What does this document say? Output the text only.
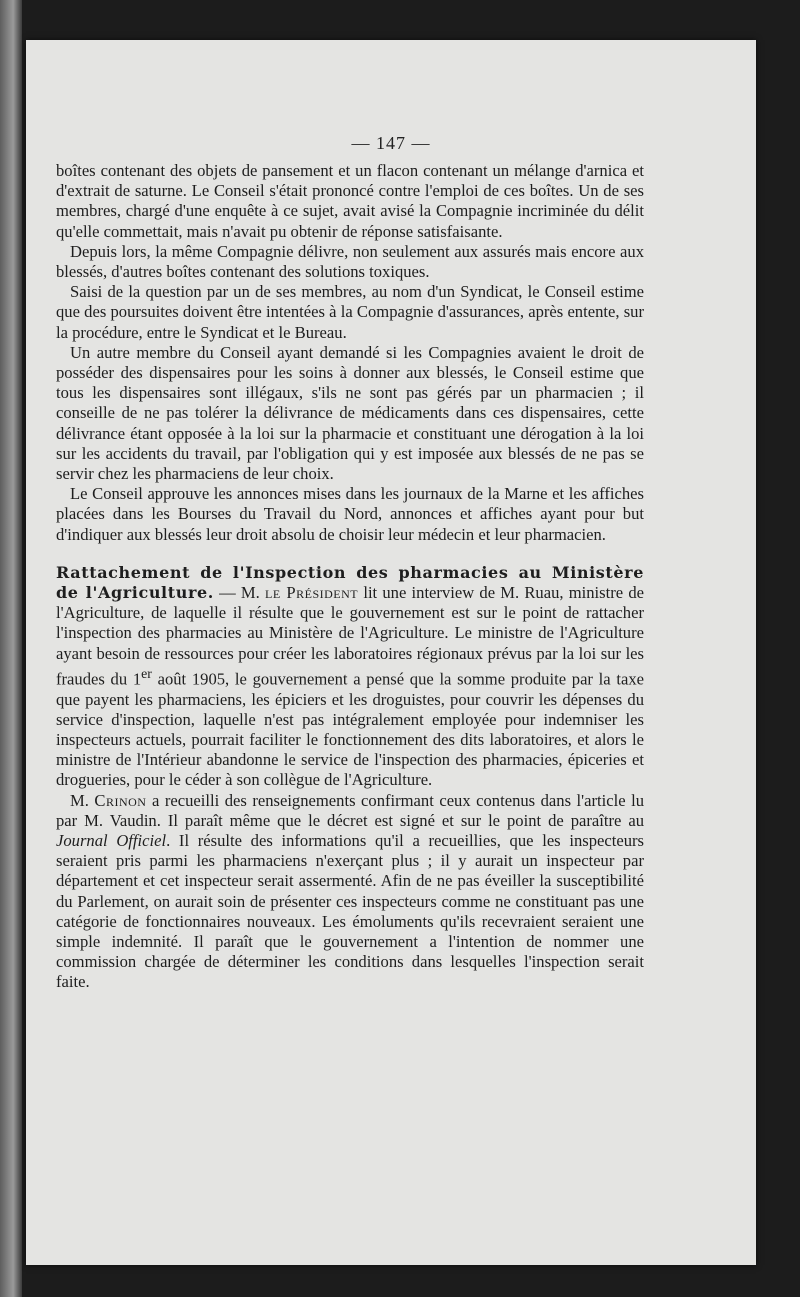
— 147 —

boîtes contenant des objets de pansement et un flacon contenant un mélange d'arnica et d'extrait de saturne. Le Conseil s'était prononcé contre l'emploi de ces boîtes. Un de ses membres, chargé d'une enquête à ce sujet, avait avisé la Compagnie incriminée du délit qu'elle commettait, mais n'avait pu obtenir de réponse satisfaisante.

Depuis lors, la même Compagnie délivre, non seulement aux assurés mais encore aux blessés, d'autres boîtes contenant des solutions toxiques.

Saisi de la question par un de ses membres, au nom d'un Syndicat, le Conseil estime que des poursuites doivent être intentées à la Compagnie d'assurances, après entente, sur la procédure, entre le Syndicat et le Bureau.

Un autre membre du Conseil ayant demandé si les Compagnies avaient le droit de posséder des dispensaires pour les soins à donner aux blessés, le Conseil estime que tous les dispensaires sont illégaux, s'ils ne sont pas gérés par un pharmacien ; il conseille de ne pas tolérer la délivrance de médicaments dans ces dispensaires, cette délivrance étant opposée à la loi sur la pharmacie et constituant une dérogation à la loi sur les accidents du travail, par l'obligation qui y est imposée aux blessés de ne pas se servir chez les pharmaciens de leur choix.

Le Conseil approuve les annonces mises dans les journaux de la Marne et les affiches placées dans les Bourses du Travail du Nord, annonces et affiches ayant pour but d'indiquer aux blessés leur droit absolu de choisir leur médecin et leur pharmacien.

Rattachement de l'Inspection des pharmacies au Ministère de l'Agriculture. — M. le Président lit une interview de M. Ruau, ministre de l'Agriculture, de laquelle il résulte que le gouvernement est sur le point de rattacher l'inspection des pharmacies au Ministère de l'Agriculture. Le ministre de l'Agriculture ayant besoin de ressources pour créer les laboratoires régionaux prévus par la loi sur les fraudes du 1er août 1905, le gouvernement a pensé que la somme produite par la taxe que payent les pharmaciens, les épiciers et les droguistes, pour couvrir les dépenses du service d'inspection, laquelle n'est pas intégralement employée pour indemniser les inspecteurs actuels, pourrait faciliter le fonctionnement des dits laboratoires, et alors le ministre de l'Intérieur abandonne le service de l'inspection des pharmacies, épiceries et drogueries, pour le céder à son collègue de l'Agriculture.

M. Crinon a recueilli des renseignements confirmant ceux contenus dans l'article lu par M. Vaudin. Il paraît même que le décret est signé et sur le point de paraître au Journal Officiel. Il résulte des informations qu'il a recueillies, que les inspecteurs seraient pris parmi les pharmaciens n'exerçant plus ; il y aurait un inspecteur par département et cet inspecteur serait assermenté. Afin de ne pas éveiller la susceptibilité du Parlement, on aurait soin de présenter ces inspecteurs comme ne constituant pas une catégorie de fonctionnaires nouveaux. Les émoluments qu'ils recevraient seraient une simple indemnité. Il paraît que le gouvernement a l'intention de nommer une commission chargée de déterminer les conditions dans lesquelles l'inspection serait faite.
